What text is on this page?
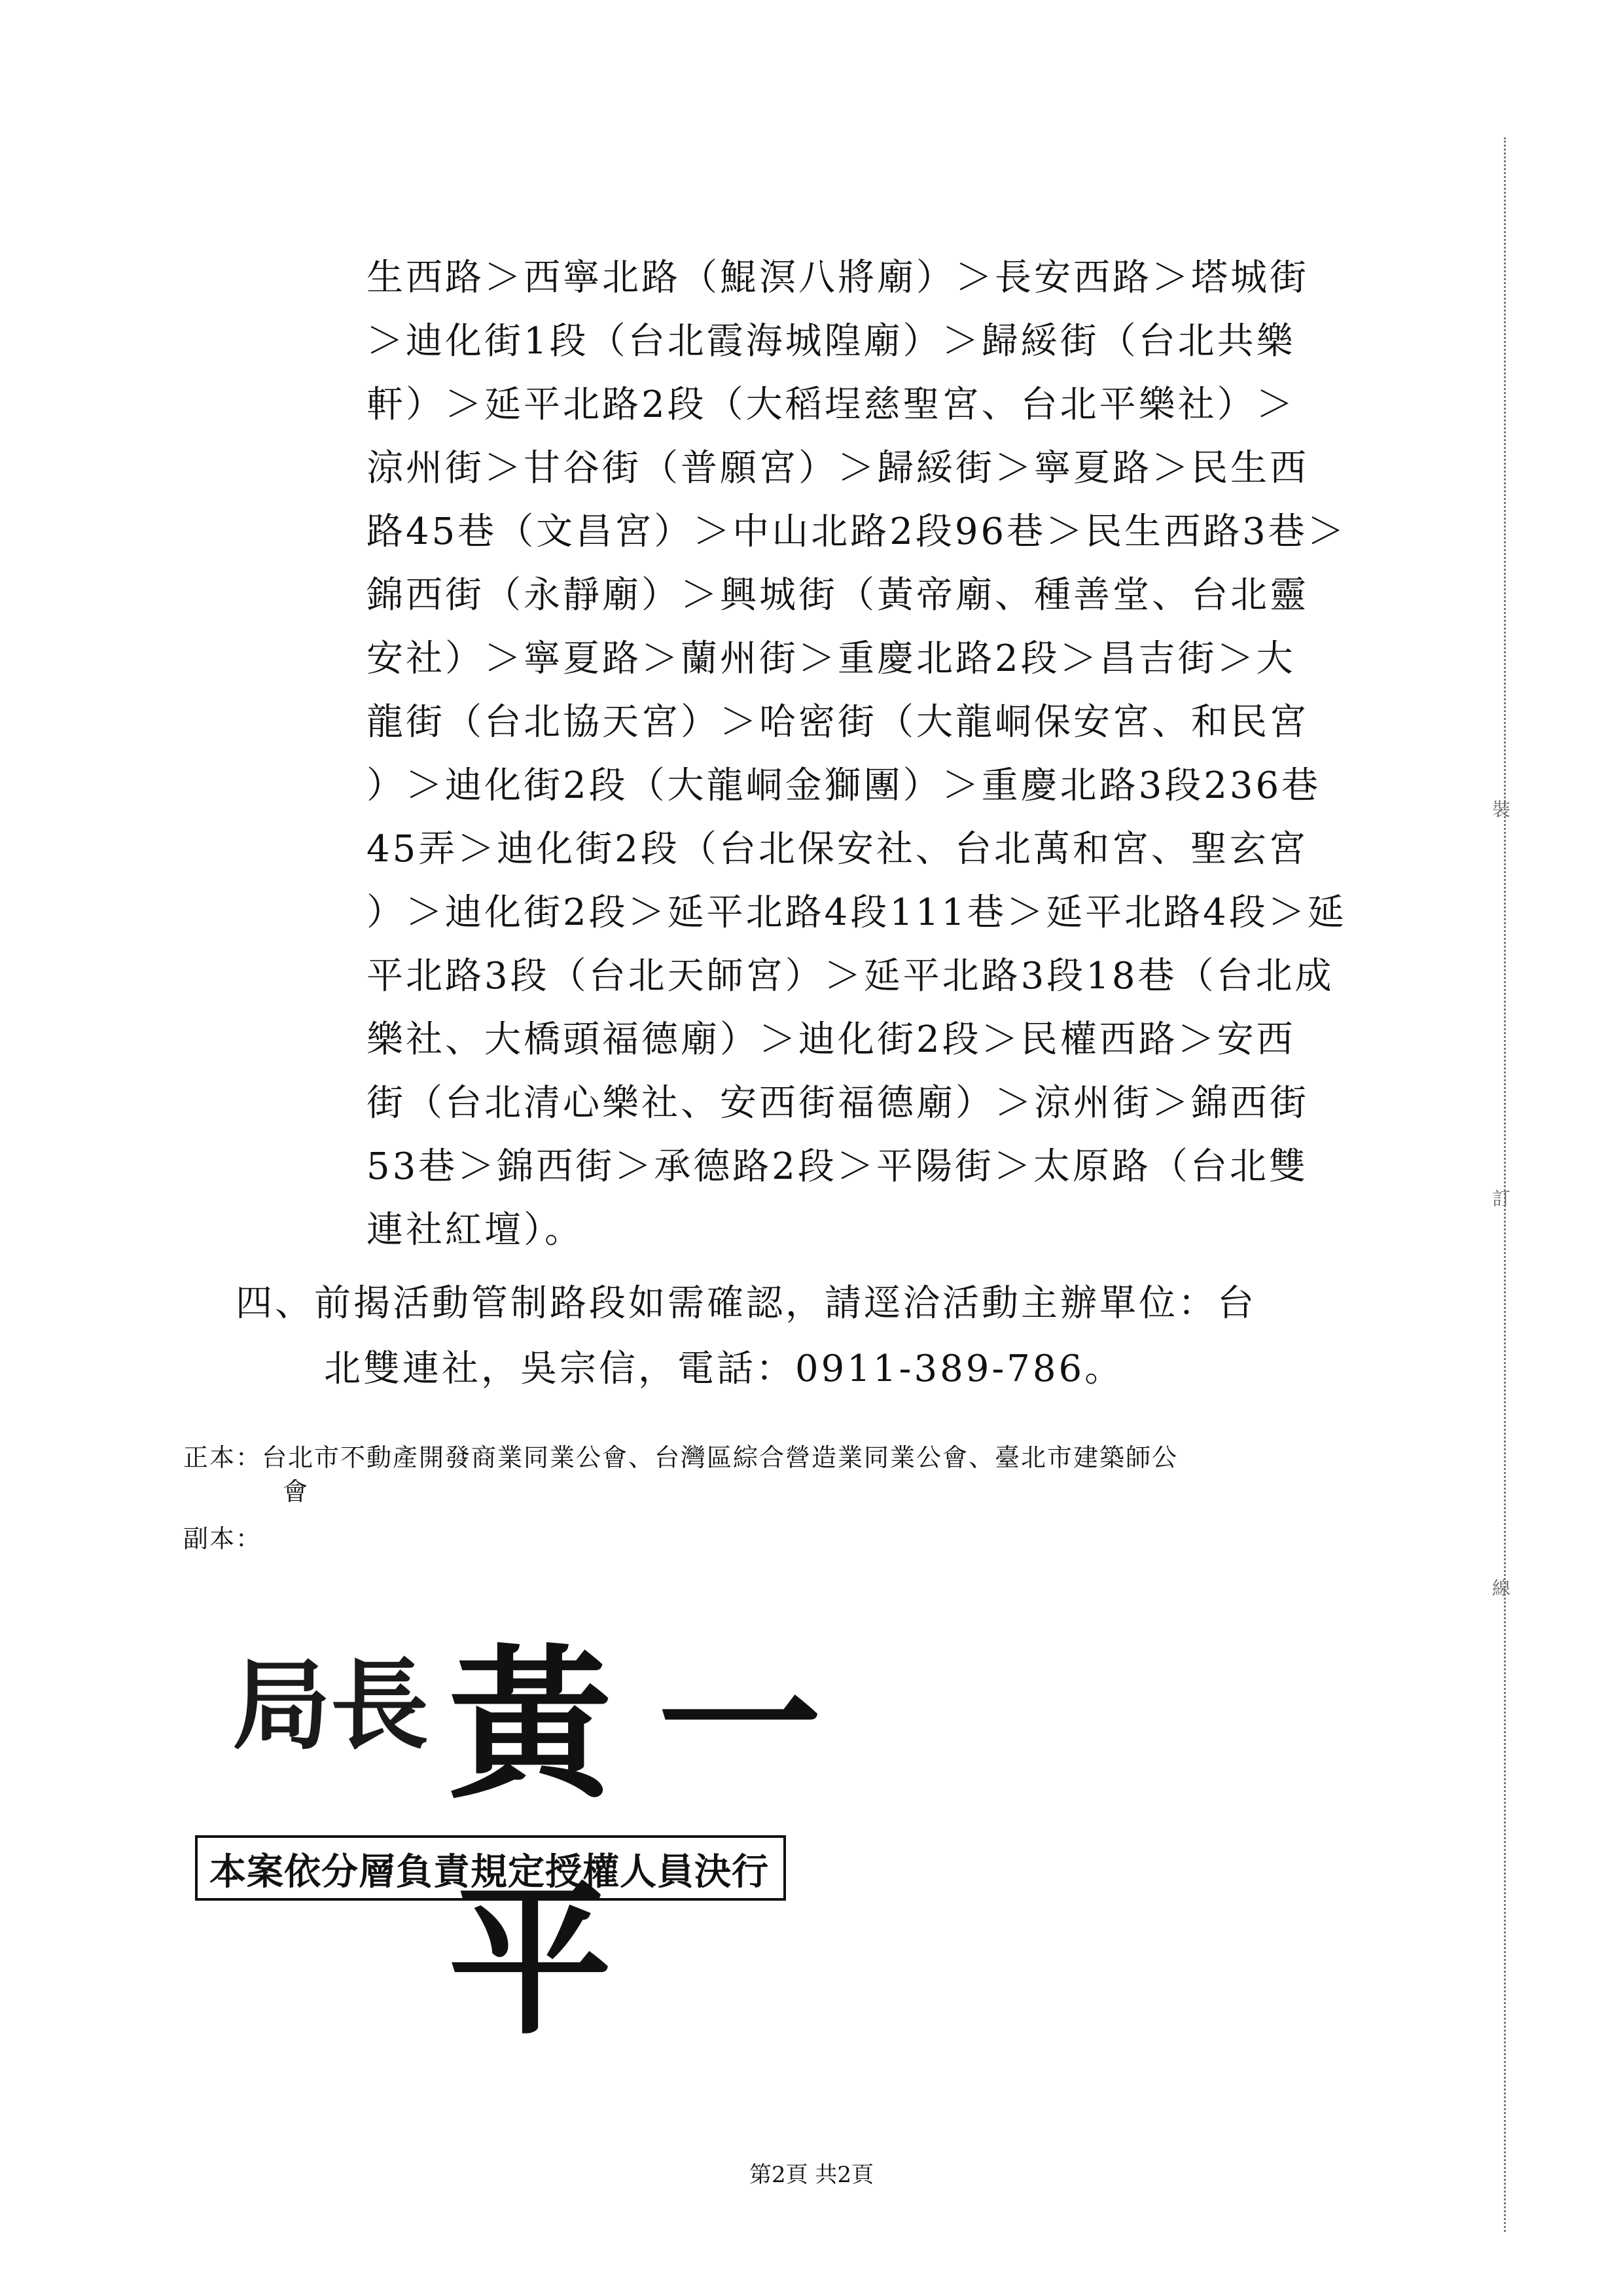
裝
訂
線
生西路＞西寧北路（鯤溟八將廟）＞長安西路＞塔城街
＞迪化街1段（台北霞海城隍廟）＞歸綏街（台北共樂
軒）＞延平北路2段（大稻埕慈聖宮、台北平樂社）＞
涼州街＞甘谷街（普願宮）＞歸綏街＞寧夏路＞民生西
路45巷（文昌宮）＞中山北路2段96巷＞民生西路3巷＞
錦西街（永靜廟）＞興城街（黃帝廟、種善堂、台北靈
安社）＞寧夏路＞蘭州街＞重慶北路2段＞昌吉街＞大
龍街（台北協天宮）＞哈密街（大龍峒保安宮、和民宮
）＞迪化街2段（大龍峒金獅團）＞重慶北路3段236巷
45弄＞迪化街2段（台北保安社、台北萬和宮、聖玄宮
）＞迪化街2段＞延平北路4段111巷＞延平北路4段＞延
平北路3段（台北天師宮）＞延平北路3段18巷（台北成
樂社、大橋頭福德廟）＞迪化街2段＞民權西路＞安西
街（台北清心樂社、安西街福德廟）＞涼州街＞錦西街
53巷＞錦西街＞承德路2段＞平陽街＞太原路（台北雙
連社紅壇）。
四、前揭活動管制路段如需確認，請逕洽活動主辦單位：台
北雙連社，吳宗信，電話：0911-389-786。
正本：台北市不動產開發商業同業公會、台灣區綜合營造業同業公會、臺北市建築師公
會
副本：
局長 黃一平
本案依分層負責規定授權人員決行
第2頁 共2頁
